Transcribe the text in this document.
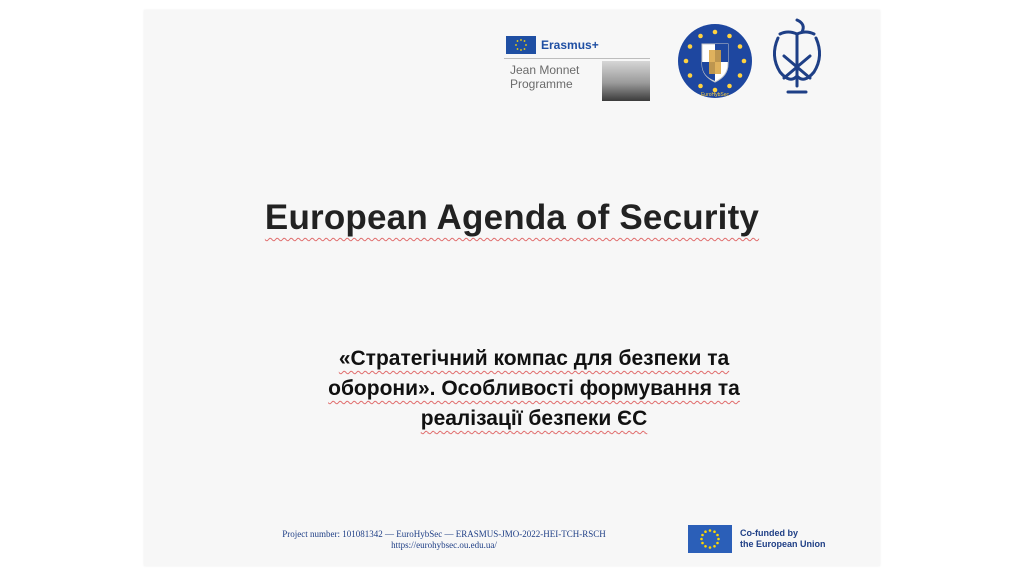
Erasmus+
Jean Monnet
Programme
EuroHybSec
European Agenda of Security
«Стратегічний компас для безпеки та
оборони». Особливості формування та
реалізації безпеки ЄС
Project number: 101081342 — EuroHybSec — ERASMUS-JMO-2022-HEI-TCH-RSCH
https://eurohybsec.ou.edu.ua/
Co-funded by
the European Union
